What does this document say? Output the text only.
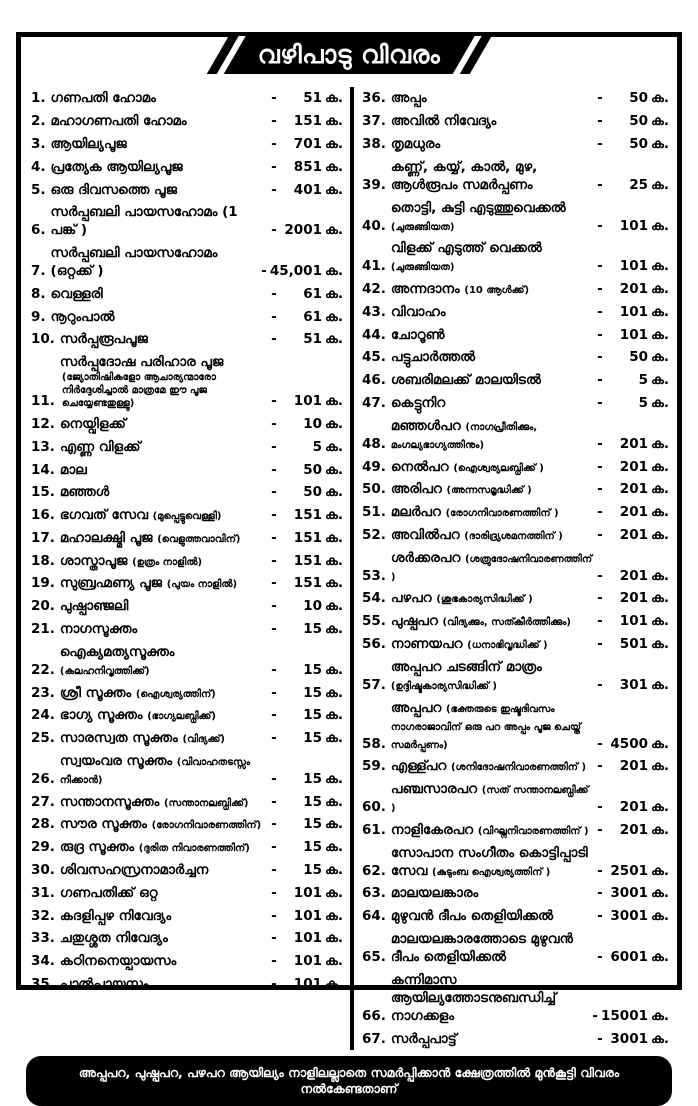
വഴിപാടു വിവരം
1. ഗണപതി ഹോമം	-	51 ക.
2. മഹാഗണപതി ഹോമം	-	151 ക.
3. ആയില്യപൂജ	-	701 ക.
4. പ്രത്യേക ആയില്യപൂജ	-	851 ക.
5. ഒരു ദിവസത്തെ പൂജ	-	401 ക.
6.
സർപ്പബലി പായസഹോമം (1 പങ്ക് )	- 2001 ക.
7.
സർപ്പബലി പായസഹോമം (ഒറ്റക്ക് )	- 45,001 ക.
8. വെള്ളരി	-	61 ക.
9. നൂറുംപാൽ	-	61 ക.
10. സർപ്പരൂപപൂജ	-	51 ക.
11.
സർപ്പദോഷ പരിഹാര പൂജ
(ജ്യോതിഷികളോ ആചാര്യന്മാരോ നിർദ്ദേശിച്ചാൽ മാത്രമേ ഈ പൂജ ചെയ്യേണ്ടതുള്ളു)	-	101 ക.
12. നെയ്വിളക്ക്	-	10 ക.
13. എണ്ണ വിളക്ക്	-	5 ക.
14. മാല	-	50 ക.
15. മഞ്ഞൾ	-	50 ക.
16. ഭഗവത് സേവ (മുപ്പെട്ടുവെള്ളി)	-	151 ക.
17. മഹാലക്ഷ്മി പൂജ (വെളുത്തവാവിന്)	-	151 ക.
18. ശാസ്താപൂജ (ഉത്രം നാളിൽ)	-	151 ക.
19. സുബ്രഹ്മണ്യ പൂജ (പുയം നാളിൽ)	-	151 ക.
20. പുഷ്പാഞ്ജലി	-	10 ക.
21. നാഗസൂക്തം	-	15 ക.
22.
ഐക്യമത്യസൂക്തം (കലഹനിവൃത്തിക്ക്)	-	15 ക.
23. ശ്രീ സൂക്തം (ഐശ്വര്യത്തിന്)	-	15 ക.
24. ഭാഗ്യ സൂക്തം (ഭാഗ്യലബ്ധിക്ക്)	-	15 ക.
25. സാരസ്വത സൂക്തം (വിദ്യക്ക്)	-	15 ക.
26.
സ്വയംവര സൂക്തം (വിവാഹതടസ്സം നീക്കാൻ)	-	15 ക.
27. സന്താനസൂക്തം (സന്താനലബ്ധിക്ക്)	-	15 ക.
28. സൗര സൂക്തം (രോഗനിവാരണത്തിന്) -	15 ക.
29. രുദ്ര സൂക്തം (ദുരിത നിവാരണത്തിന്)	-	15 ക.
30. ശിവസഹസ്രനാമാർച്ചന	-	15 ക.
31. ഗണപതിക്ക് ഒറ്റ	-	101 ക.
32. കദളിപ്പഴ നിവേദ്യം	-	101 ക.
33. ചതുശ്ശത നിവേദ്യം	-	101 ക.
34. കഠിനനെയ്പായസം	-	101 ക.
35. പാൽപായസം	-	101 ക.
36. അപ്പം	-	50 ക.
37. അവിൽ നിവേദ്യം	-	50 ക.
38. തൃമധുരം	-	50 ക.
39.
കണ്ണ്, കയ്യ്, കാൽ, മുഴ, ആൾരൂപം സമർപ്പണം	-	25 ക.
40.
തൊട്ടി, കുട്ടി എടുത്തുവെക്കൽ (ചുരുങ്ങിയത)	-	101 ക.
41.
വിളക്ക് എടുത്ത് വെക്കൽ (ചുരുങ്ങിയത)	-	101 ക.
42. അന്നദാനം (10 ആൾക്ക്)	-	201 ക.
43. വിവാഹം	-	101 ക.
44. ചോറൂൺ	-	101 ക.
45. പട്ടുചാർത്തൽ	-	50 ക.
46. ശബരിമലക്ക് മാലയിടൽ	-	5 ക.
47. കെട്ടുനിറ	-	5 ക.
48.
മഞ്ഞൾപറ (നാഗപ്രീതിക്കും, മംഗല്യഭാഗ്യത്തിനും)	-	201 ക.
49. നെൽപറ (ഐശ്വര്യലബ്ധിക്ക് )	-	201 ക.
50. അരിപറ (അന്നസമൃദ്ധിക്ക് )	-	201 ക.
51. മലർപറ (രോഗനിവാരണത്തിന് )	-	201 ക.
52. അവിൽപറ (ദാരിദ്ര്യശമനത്തിന് )	-	201 ക.
53.
ശർക്കരപറ (ശത്രുദോഷനിവാരണത്തിന് )	-	201 ക.
54. പഴപറ (ശുഭകാര്യസിദ്ധിക്ക് )	-	201 ക.
55. പുഷ്പപറ (വിദ്യക്കും, സത്കീർത്തിക്കും)	-	101 ക.
56. നാണയപറ (ധനാഭിവൃദ്ധിക്ക് )	-	501 ക.
57.
അപ്പപറ ചടങ്ങിന് മാത്രം (ഉദ്ദിഷ്ടകാര്യസിദ്ധിക്ക് )	-	301 ക.
58.
അപ്പപറ (ഭക്തരുടെ ഇഷ്ടദിവസം നാഗരാജാവിന് ഒരു പറ അപ്പം പൂജ ചെയ്ത് സമർപ്പണം)	- 4500 ക.
59. എള്ള്പറ (ശനിദോഷനിവാരണത്തിന് ) -	201 ക.
60.
പഞ്ചസാരപറ (സത് സന്താനലബ്ധിക്ക് )	-	201 ക.
61. നാളികേരപറ (വിഘ്നനിവാരണത്തിന് ) -	201 ക.
62.
സോപാന സംഗീതം കൊട്ടിപ്പാടി സേവ (കുടുംബ ഐശ്വര്യത്തിന് )	- 2501 ക.
63. മാലയലങ്കാരം	- 3001 ക.
64. മുഴുവൻ ദീപം തെളിയിക്കൽ	- 3001 ക.
65.
മാലയലങ്കാരത്തോടെ മുഴുവൻ ദീപം തെളിയിക്കൽ	- 6001 ക.
66.
കന്നിമാസ ആയില്യത്തോടനുബന്ധിച്ച് നാഗക്കളം	- 15001 ക.
67. സർപ്പപാട്ട്	- 3001 ക.
അപ്പപറ, പുഷ്പപറ, പഴപറ ആയില്യം നാളിലല്ലാതെ സമർപ്പിക്കാൻ ക്ഷേത്രത്തിൽ മുൻകൂട്ടി വിവരം നൽകേണ്ടതാണ്
